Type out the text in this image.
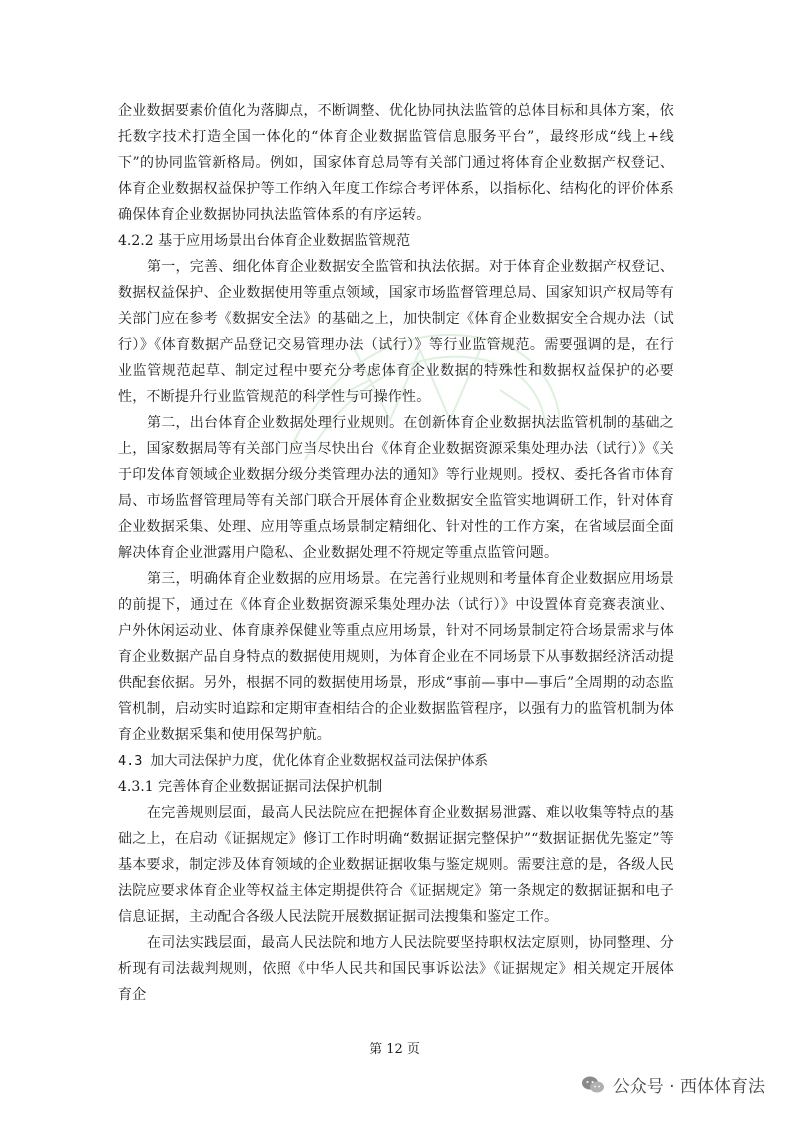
企业数据要素价值化为落脚点，不断调整、优化协同执法监管的总体目标和具体方案，依托数字技术打造全国一体化的“体育企业数据监管信息服务平台”，最终形成“线上+线下”的协同监管新格局。例如，国家体育总局等有关部门通过将体育企业数据产权登记、体育企业数据权益保护等工作纳入年度工作综合考评体系，以指标化、结构化的评价体系确保体育企业数据协同执法监管体系的有序运转。

4.2.2 基于应用场景出台体育企业数据监管规范

第一，完善、细化体育企业数据安全监管和执法依据。对于体育企业数据产权登记、数据权益保护、企业数据使用等重点领域，国家市场监督管理总局、国家知识产权局等有关部门应在参考《数据安全法》的基础之上，加快制定《体育企业数据安全合规办法（试行）》《体育数据产品登记交易管理办法（试行）》等行业监管规范。需要强调的是，在行业监管规范起草、制定过程中要充分考虑体育企业数据的特殊性和数据权益保护的必要性，不断提升行业监管规范的科学性与可操作性。

第二，出台体育企业数据处理行业规则。在创新体育企业数据执法监管机制的基础之上，国家数据局等有关部门应当尽快出台《体育企业数据资源采集处理办法（试行）》《关于印发体育领域企业数据分级分类管理办法的通知》等行业规则。授权、委托各省市体育局、市场监督管理局等有关部门联合开展体育企业数据安全监管实地调研工作，针对体育企业数据采集、处理、应用等重点场景制定精细化、针对性的工作方案，在省域层面全面解决体育企业泄露用户隐私、企业数据处理不符规定等重点监管问题。

第三，明确体育企业数据的应用场景。在完善行业规则和考量体育企业数据应用场景的前提下，通过在《体育企业数据资源采集处理办法（试行）》中设置体育竞赛表演业、户外休闲运动业、体育康养保健业等重点应用场景，针对不同场景制定符合场景需求与体育企业数据产品自身特点的数据使用规则，为体育企业在不同场景下从事数据经济活动提供配套依据。另外，根据不同的数据使用场景，形成“事前—事中—事后”全周期的动态监管机制，启动实时追踪和定期审查相结合的企业数据监管程序，以强有力的监管机制为体育企业数据采集和使用保驾护航。

4.3 加大司法保护力度，优化体育企业数据权益司法保护体系

4.3.1 完善体育企业数据证据司法保护机制

在完善规则层面，最高人民法院应在把握体育企业数据易泄露、难以收集等特点的基础之上，在启动《证据规定》修订工作时明确“数据证据完整保护”“数据证据优先鉴定”等基本要求，制定涉及体育领域的企业数据证据收集与鉴定规则。需要注意的是，各级人民法院应要求体育企业等权益主体定期提供符合《证据规定》第一条规定的数据证据和电子信息证据，主动配合各级人民法院开展数据证据司法搜集和鉴定工作。

在司法实践层面，最高人民法院和地方人民法院要坚持职权法定原则，协同整理、分析现有司法裁判规则，依照《中华人民共和国民事诉讼法》《证据规定》相关规定开展体育企

第 12 页
公众号 · 西体体育法
